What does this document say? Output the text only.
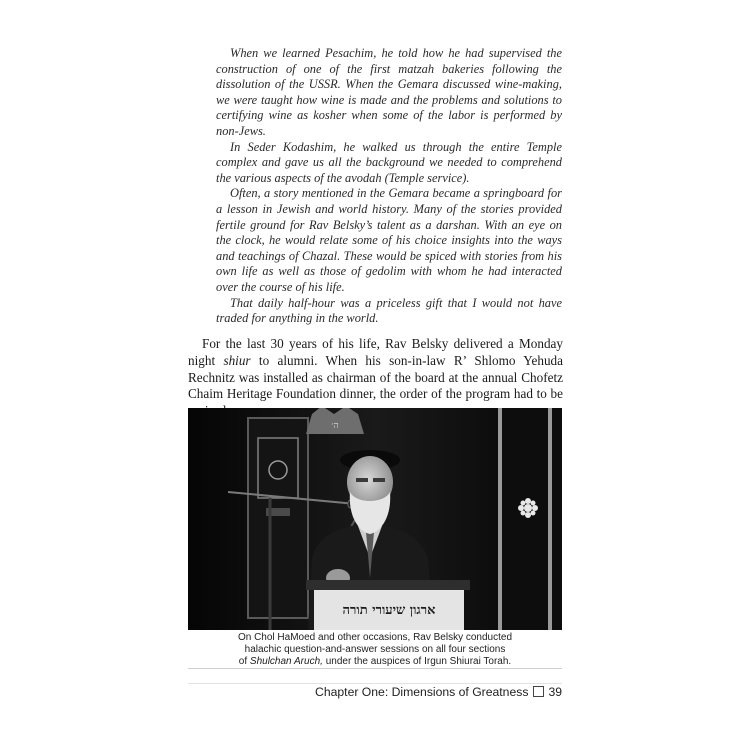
When we learned Pesachim, he told how he had supervised the construction of one of the first matzah bakeries following the dissolution of the USSR. When the Gemara discussed wine-making, we were taught how wine is made and the problems and solutions to certifying wine as kosher when some of the labor is performed by non-Jews.

In Seder Kodashim, he walked us through the entire Temple complex and gave us all the background we needed to comprehend the various aspects of the avodah (Temple service).

Often, a story mentioned in the Gemara became a springboard for a lesson in Jewish and world history. Many of the stories provided fertile ground for Rav Belsky’s talent as a darshan. With an eye on the clock, he would relate some of his choice insights into the ways and teachings of Chazal. These would be spiced with stories from his own life as well as those of gedolim with whom he had interacted over the course of his life.

That daily half-hour was a priceless gift that I would not have traded for anything in the world.

For the last 30 years of his life, Rav Belsky delivered a Monday night shiur to alumni. When his son-in-law R’ Shlomo Yehuda Rechnitz was installed as chairman of the board at the annual Chofetz Chaim Heritage Foundation dinner, the order of the program had to be

ה׳
ארגון שיעורי תורה
On Chol HaMoed and other occasions, Rav Belsky conducted
halachic question-and-answer sessions on all four sections
of Shulchan Aruch, under the auspices of Irgun Shiurai Torah.
Chapter One: Dimensions of Greatness 39
